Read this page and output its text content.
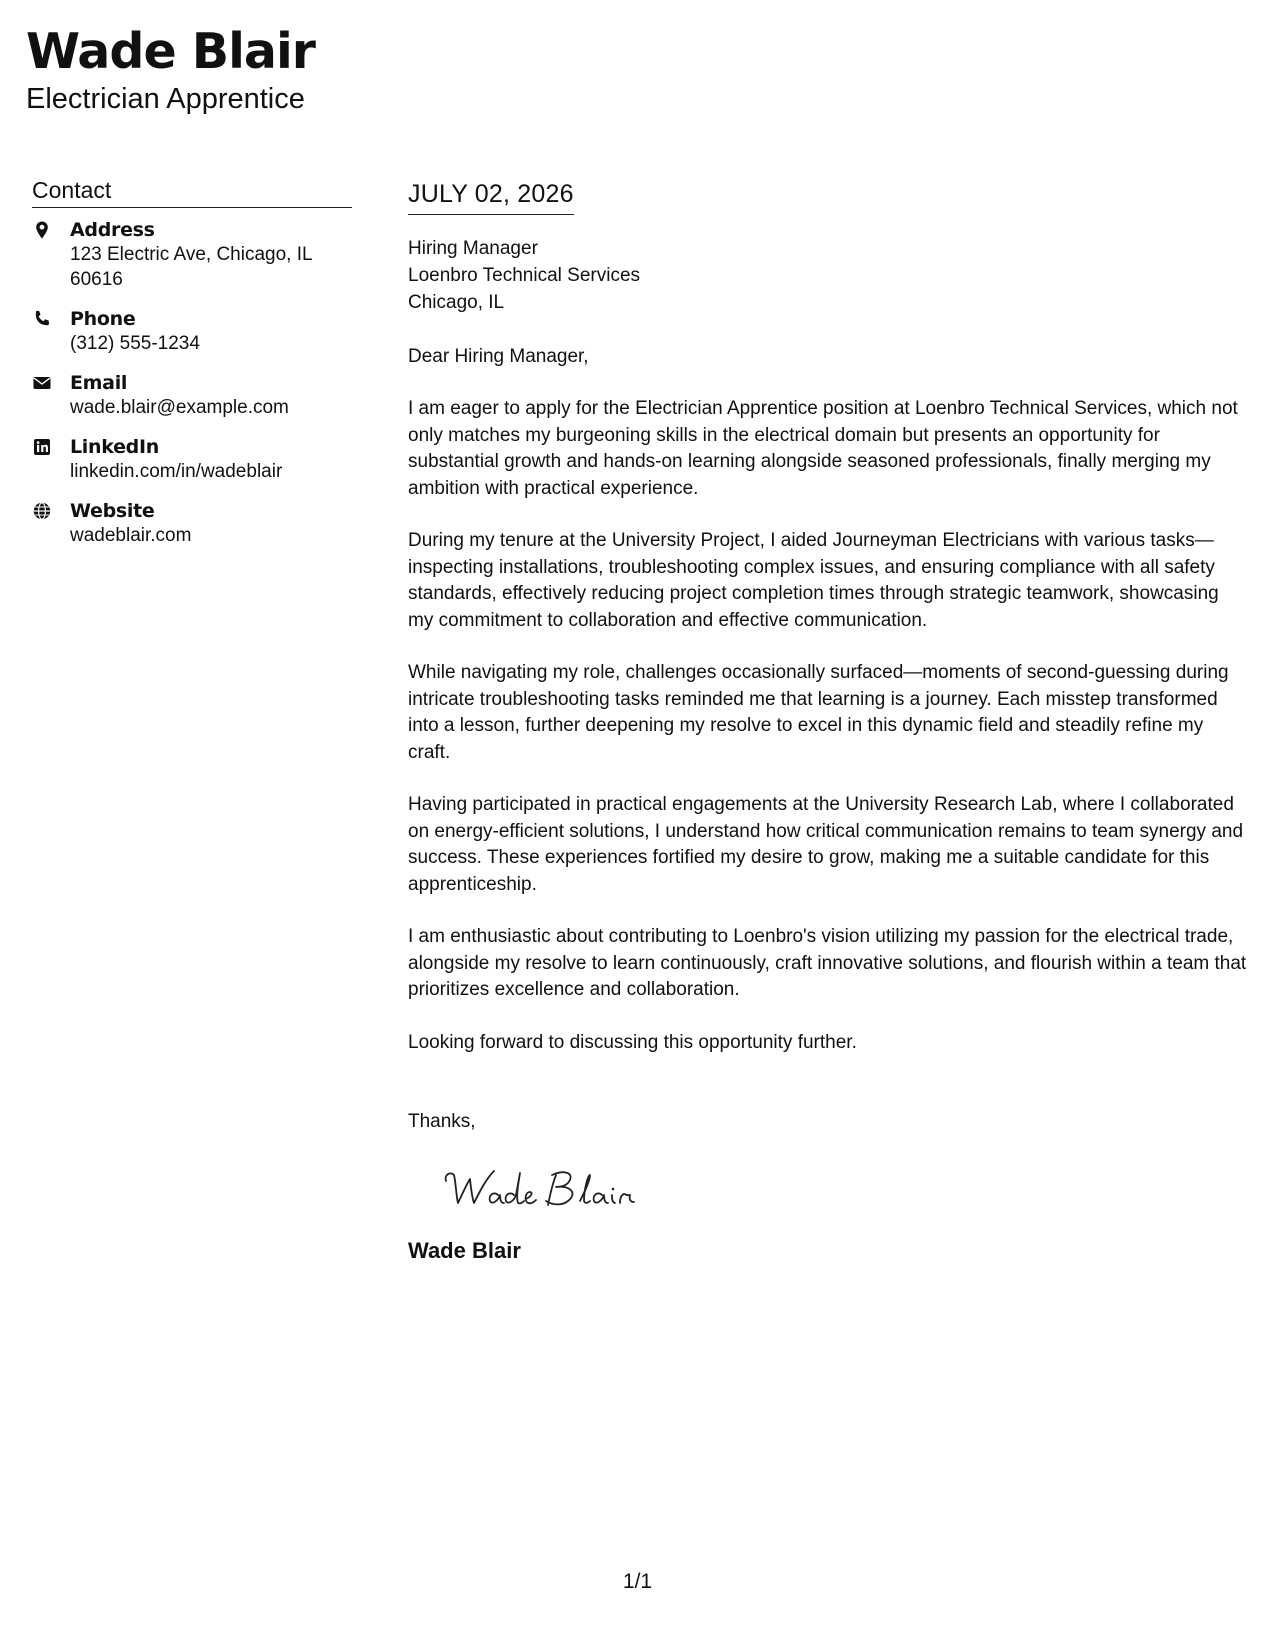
Wade Blair
Electrician Apprentice
Contact
Address
123 Electric Ave, Chicago, IL 60616
Phone
(312) 555-1234
Email
wade.blair@example.com
LinkedIn
linkedin.com/in/wadeblair
Website
wadeblair.com
JULY 02, 2026
Hiring Manager
Loenbro Technical Services
Chicago, IL
Dear Hiring Manager,
I am eager to apply for the Electrician Apprentice position at Loenbro Technical Services, which not only matches my burgeoning skills in the electrical domain but presents an opportunity for substantial growth and hands-on learning alongside seasoned professionals, finally merging my ambition with practical experience.
During my tenure at the University Project, I aided Journeyman Electricians with various tasks—inspecting installations, troubleshooting complex issues, and ensuring compliance with all safety standards, effectively reducing project completion times through strategic teamwork, showcasing my commitment to collaboration and effective communication.
While navigating my role, challenges occasionally surfaced—moments of second-guessing during intricate troubleshooting tasks reminded me that learning is a journey. Each misstep transformed into a lesson, further deepening my resolve to excel in this dynamic field and steadily refine my craft.
Having participated in practical engagements at the University Research Lab, where I collaborated on energy-efficient solutions, I understand how critical communication remains to team synergy and success. These experiences fortified my desire to grow, making me a suitable candidate for this apprenticeship.
I am enthusiastic about contributing to Loenbro's vision utilizing my passion for the electrical trade, alongside my resolve to learn continuously, craft innovative solutions, and flourish within a team that prioritizes excellence and collaboration.
Looking forward to discussing this opportunity further.
Thanks,
Wade Blair
1/1
